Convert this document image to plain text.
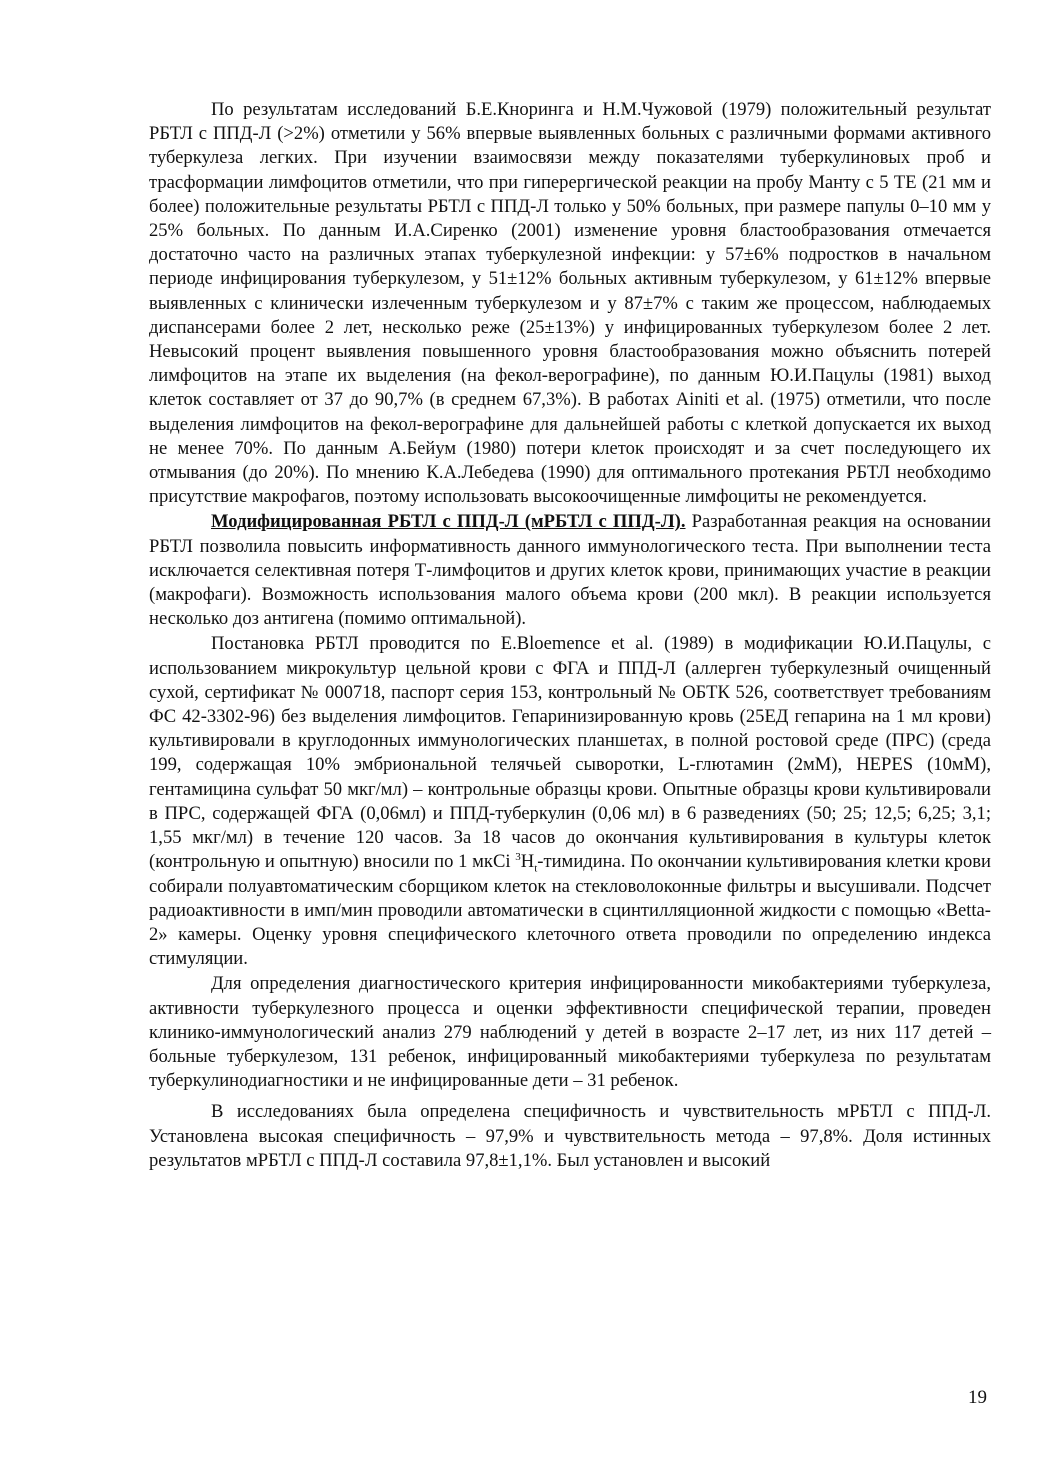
По результатам исследований Б.Е.Кноринга и Н.М.Чужовой (1979) положительный результат РБТЛ с ППД-Л (>2%) отметили у 56% впервые выявленных больных с различными формами активного туберкулеза легких. При изучении взаимосвязи между показателями туберкулиновых проб и трасформации лимфоцитов отметили, что при гиперергической реакции на пробу Манту с 5 ТЕ (21 мм и более) положительные результаты РБТЛ с ППД-Л только у 50% больных, при размере папулы 0–10 мм у 25% больных. По данным И.А.Сиренко (2001) изменение уровня бластообразования отмечается достаточно часто на различных этапах туберкулезной инфекции: у 57±6% подростков в начальном периоде инфицирования туберкулезом, у 51±12% больных активным туберкулезом, у 61±12% впервые выявленных с клинически излеченным туберкулезом и у 87±7% с таким же процессом, наблюдаемых диспансерами более 2 лет, несколько реже (25±13%) у инфицированных туберкулезом более 2 лет. Невысокий процент выявления повышенного уровня бластообразования можно объяснить потерей лимфоцитов на этапе их выделения (на фекол-верографине), по данным Ю.И.Пацулы (1981) выход клеток составляет от 37 до 90,7% (в среднем 67,3%). В работах Ainiti et al. (1975) отметили, что после выделения лимфоцитов на фекол-верографине для дальнейшей работы с клеткой допускается их выход не менее 70%. По данным А.Бейум (1980) потери клеток происходят и за счет последующего их отмывания (до 20%). По мнению К.А.Лебедева (1990) для оптимального протекания РБТЛ необходимо присутствие макрофагов, поэтому использовать высокоочищенные лимфоциты не рекомендуется.

Модифицированная РБТЛ с ППД-Л (мРБТЛ с ППД-Л). Разработанная реакция на основании РБТЛ позволила повысить информативность данного иммунологического теста. При выполнении теста исключается селективная потеря Т-лимфоцитов и других клеток крови, принимающих участие в реакции (макрофаги). Возможность использования малого объема крови (200 мкл). В реакции используется несколько доз антигена (помимо оптимальной).

Постановка РБТЛ проводится по E.Bloemence et al. (1989) в модификации Ю.И.Пацулы, с использованием микрокультур цельной крови с ФГА и ППД-Л (аллерген туберкулезный очищенный сухой, сертификат № 000718, паспорт серия 153, контрольный № ОБТК 526, соответствует требованиям ФС 42-3302-96) без выделения лимфоцитов. Гепаринизированную кровь (25ЕД гепарина на 1 мл крови) культивировали в круглодонных иммунологических планшетах, в полной ростовой среде (ПРС) (среда 199, содержащая 10% эмбриональной телячьей сыворотки, L-глютамин (2мМ), HEPES (10мМ), гентамицина сульфат 50 мкг/мл) – контрольные образцы крови. Опытные образцы крови культивировали в ПРС, содержащей ФГА (0,06мл) и ППД-туберкулин (0,06 мл) в 6 разведениях (50; 25; 12,5; 6,25; 3,1; 1,55 мкг/мл) в течение 120 часов. За 18 часов до окончания культивирования в культуры клеток (контрольную и опытную) вносили по 1 мкCi $^3H_t$-тимидина. По окончании культивирования клетки крови собирали полуавтоматическим сборщиком клеток на стекловолоконные фильтры и высушивали. Подсчет радиоактивности в имп/мин проводили автоматически в сцинтилляционной жидкости с помощью «Betta-2» камеры. Оценку уровня специфического клеточного ответа проводили по определению индекса стимуляции.

Для определения диагностического критерия инфицированности микобактериями туберкулеза, активности туберкулезного процесса и оценки эффективности специфической терапии, проведен клинико-иммунологический анализ 279 наблюдений у детей в возрасте 2–17 лет, из них 117 детей – больные туберкулезом, 131 ребенок, инфицированный микобактериями туберкулеза по результатам туберкулинодиагностики и не инфицированные дети – 31 ребенок.

В исследованиях была определена специфичность и чувствительность мРБТЛ с ППД-Л. Установлена высокая специфичность – 97,9% и чувствительность метода – 97,8%. Доля истинных результатов мРБТЛ с ППД-Л составила 97,8±1,1%. Был установлен и высокий

19
